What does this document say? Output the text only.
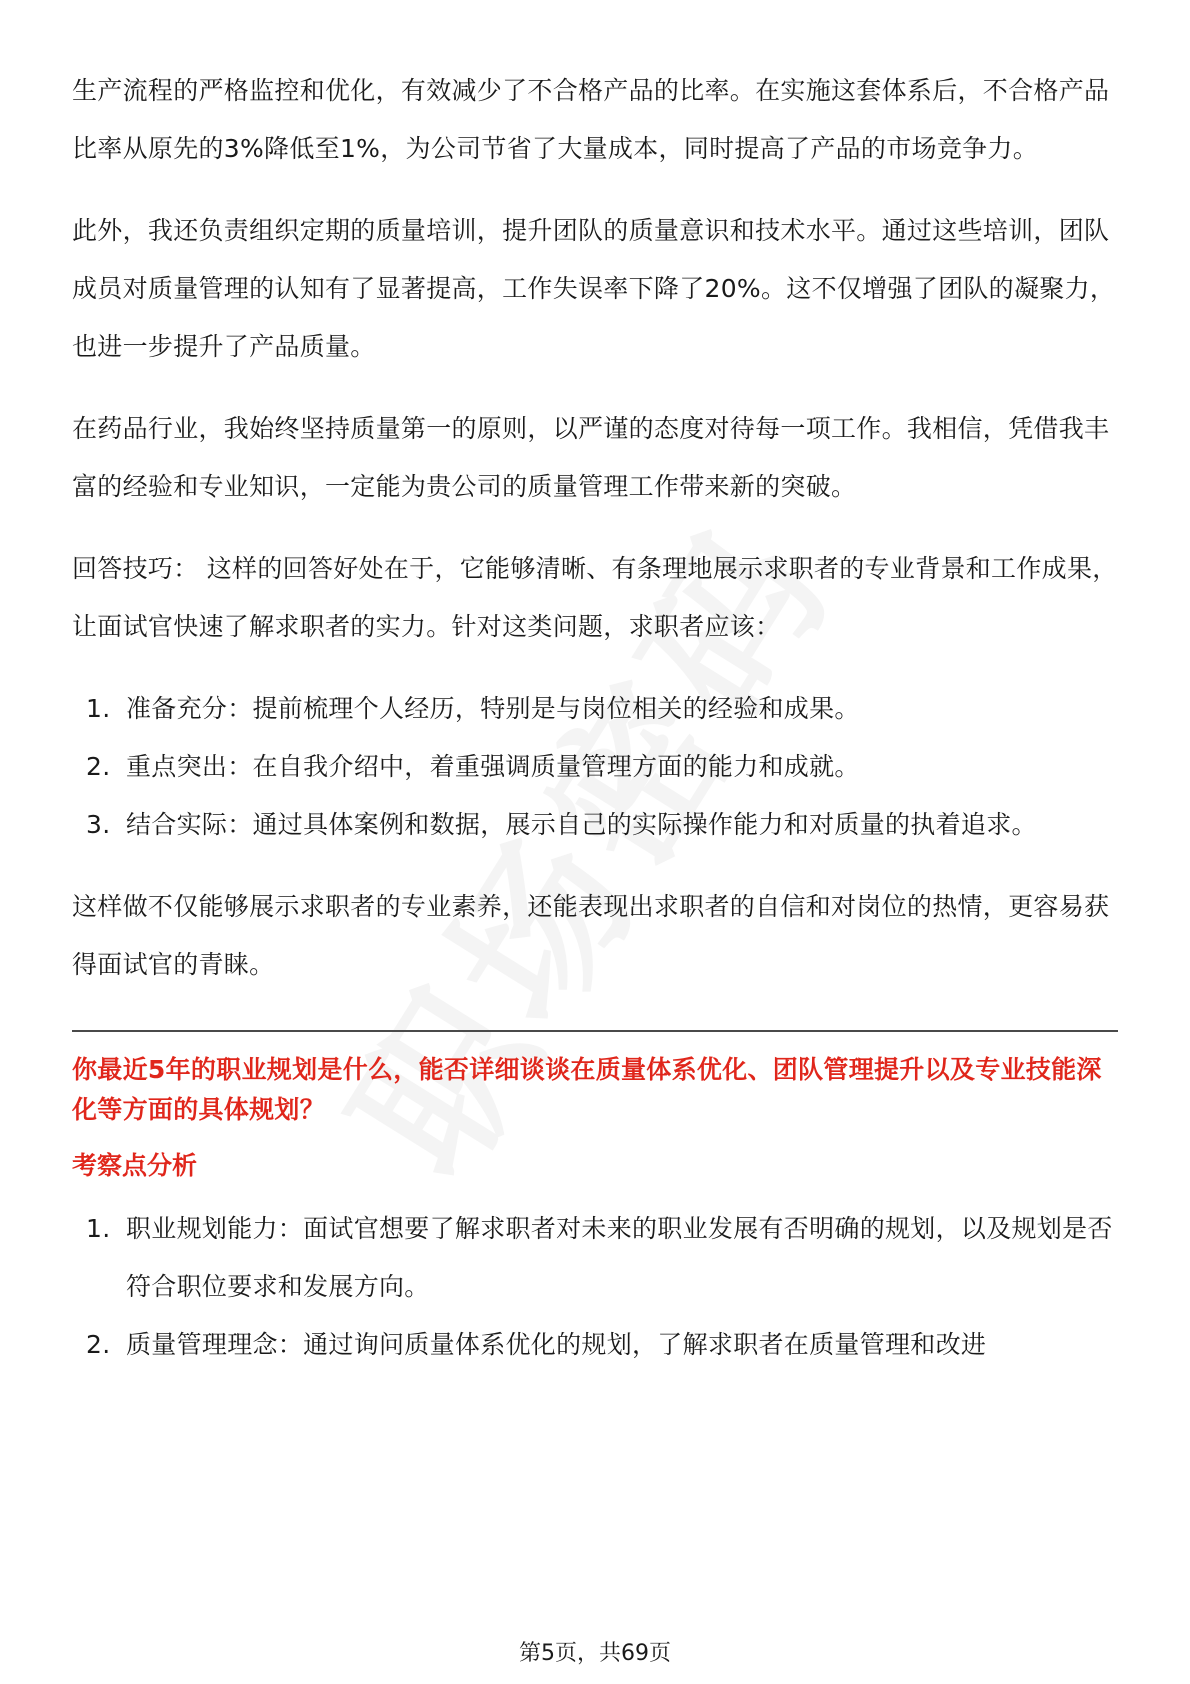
生产流程的严格监控和优化，有效减少了不合格产品的比率。在实施这套体系后，不合格产品比率从原先的3%降低至1%，为公司节省了大量成本，同时提高了产品的市场竞争力。

此外，我还负责组织定期的质量培训，提升团队的质量意识和技术水平。通过这些培训，团队成员对质量管理的认知有了显著提高，工作失误率下降了20%。这不仅增强了团队的凝聚力，也进一步提升了产品质量。

在药品行业，我始终坚持质量第一的原则，以严谨的态度对待每一项工作。我相信，凭借我丰富的经验和专业知识，一定能为贵公司的质量管理工作带来新的突破。

回答技巧： 这样的回答好处在于，它能够清晰、有条理地展示求职者的专业背景和工作成果，让面试官快速了解求职者的实力。针对这类问题，求职者应该：

1. 准备充分：提前梳理个人经历，特别是与岗位相关的经验和成果。
2. 重点突出：在自我介绍中，着重强调质量管理方面的能力和成就。
3. 结合实际：通过具体案例和数据，展示自己的实际操作能力和对质量的执着追求。

这样做不仅能够展示求职者的专业素养，还能表现出求职者的自信和对岗位的热情，更容易获得面试官的青睐。

你最近5年的职业规划是什么，能否详细谈谈在质量体系优化、团队管理提升以及专业技能深化等方面的具体规划？

考察点分析

1. 职业规划能力：面试官想要了解求职者对未来的职业发展有否明确的规划，以及规划是否符合职位要求和发展方向。
2. 质量管理理念：通过询问质量体系优化的规划，了解求职者在质量管理和改进
第5页，共69页
